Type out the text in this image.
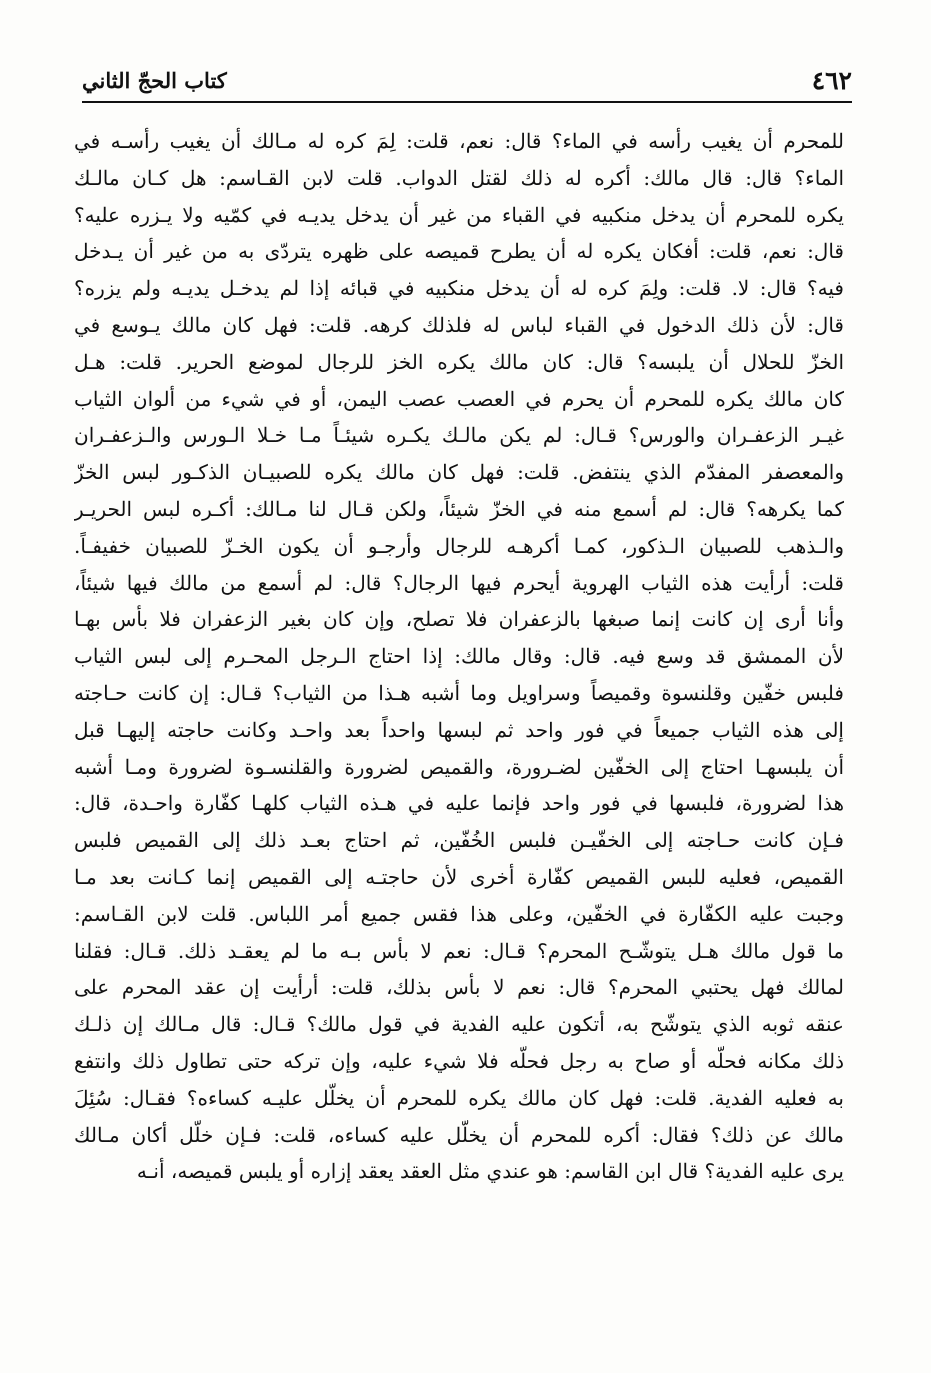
٤٦٢
كتاب الحجّ الثاني
للمحرم أن يغيب رأسه في الماء؟ قال: نعم، قلت: لِمَ كره له مـالك أن يغيب رأسـه في
الماء؟ قال: قال مالك: أكره له ذلك لقتل الدواب. قلت لابن القـاسم: هل كـان مالـك
يكره للمحرم أن يدخل منكبيه في القباء من غير أن يدخل يديـه في كمّيه ولا يـزره عليه؟
قال: نعم، قلت: أفكان يكره له أن يطرح قميصه على ظهره يتردّى به من غير أن يـدخل
فيه؟ قال: لا. قلت: ولِمَ كره له أن يدخل منكبيه في قبائه إذا لم يدخـل يديـه ولم يزره؟
قال: لأن ذلك الدخول في القباء لباس له فلذلك كرهه. قلت: فهل كان مالك يـوسع في
الخزّ للحلال أن يلبسه؟ قال: كان مالك يكره الخز للرجال لموضع الحرير. قلت: هـل
كان مالك يكره للمحرم أن يحرم في العصب عصب اليمن، أو في شيء من ألوان الثياب
غيـر الزعفـران والورس؟ قـال: لم يكن مالـك يكـره شيئـاً مـا خـلا الـورس والـزعفـران
والمعصفر المفدّم الذي ينتفض. قلت: فهل كان مالك يكره للصبيـان الذكـور لبس الخزّ
كما يكرهه؟ قال: لم أسمع منه في الخزّ شيئاً، ولكن قـال لنا مـالك: أكـره لبس الحريـر
والـذهب للصبيان الـذكور، كمـا أكرهـه للرجال وأرجـو أن يكون الخـزّ للصبيان خفيفـاً.
قلت: أرأيت هذه الثياب الهروية أيحرم فيها الرجال؟ قال: لم أسمع من مالك فيها شيئاً،
وأنا أرى إن كانت إنما صبغها بالزعفران فلا تصلح، وإن كان بغير الزعفران فلا بأس بهـا
لأن الممشق قد وسع فيه. قال: وقال مالك: إذا احتاج الـرجل المحـرم إلى لبس الثياب
فلبس خفّين وقلنسوة وقميصاً وسراويل وما أشبه هـذا من الثياب؟ قـال: إن كانت حـاجته
إلى هذه الثياب جميعاً في فور واحد ثم لبسها واحداً بعد واحـد وكانت حاجته إليهـا قبل
أن يلبسهـا احتاج إلى الخفّين لضـرورة، والقميص لضرورة والقلنسـوة لضرورة ومـا أشبه
هذا لضرورة، فلبسها في فور واحد فإنما عليه في هـذه الثياب كلهـا كفّارة واحـدة، قال:
فـإن كانت حـاجته إلى الخفّيـن فلبس الخُفّين، ثم احتاج بعـد ذلك إلى القميص فلبس
القميص، فعليه للبس القميص كفّارة أخرى لأن حاجتـه إلى القميص إنما كـانت بعد مـا
وجبت عليه الكفّارة في الخفّين، وعلى هذا فقس جميع أمر اللباس. قلت لابن القـاسم:
ما قول مالك هـل يتوشّـح المحرم؟ قـال: نعم لا بأس بـه ما لم يعقـد ذلك. قـال: فقلنا
لمالك فهل يحتبي المحرم؟ قال: نعم لا بأس بذلك، قلت: أرأيت إن عقد المحرم على
عنقه ثوبه الذي يتوشّح به، أتكون عليه الفدية في قول مالك؟ قـال: قال مـالك إن ذلـك
ذلك مكانه فحلّه أو صاح به رجل فحلّه فلا شيء عليه، وإن تركه حتى تطاول ذلك وانتفع
به فعليه الفدية. قلت: فهل كان مالك يكره للمحرم أن يخلّل عليـه كساءه؟ فقـال: سُئِلَ
مالك عن ذلك؟ فقال: أكره للمحرم أن يخلّل عليه كساءه، قلت: فـإن خلّل أكان مـالك
يرى عليه الفدية؟ قال ابن القاسم: هو عندي مثل العقد يعقد إزاره أو يلبس قميصه، أنـه
